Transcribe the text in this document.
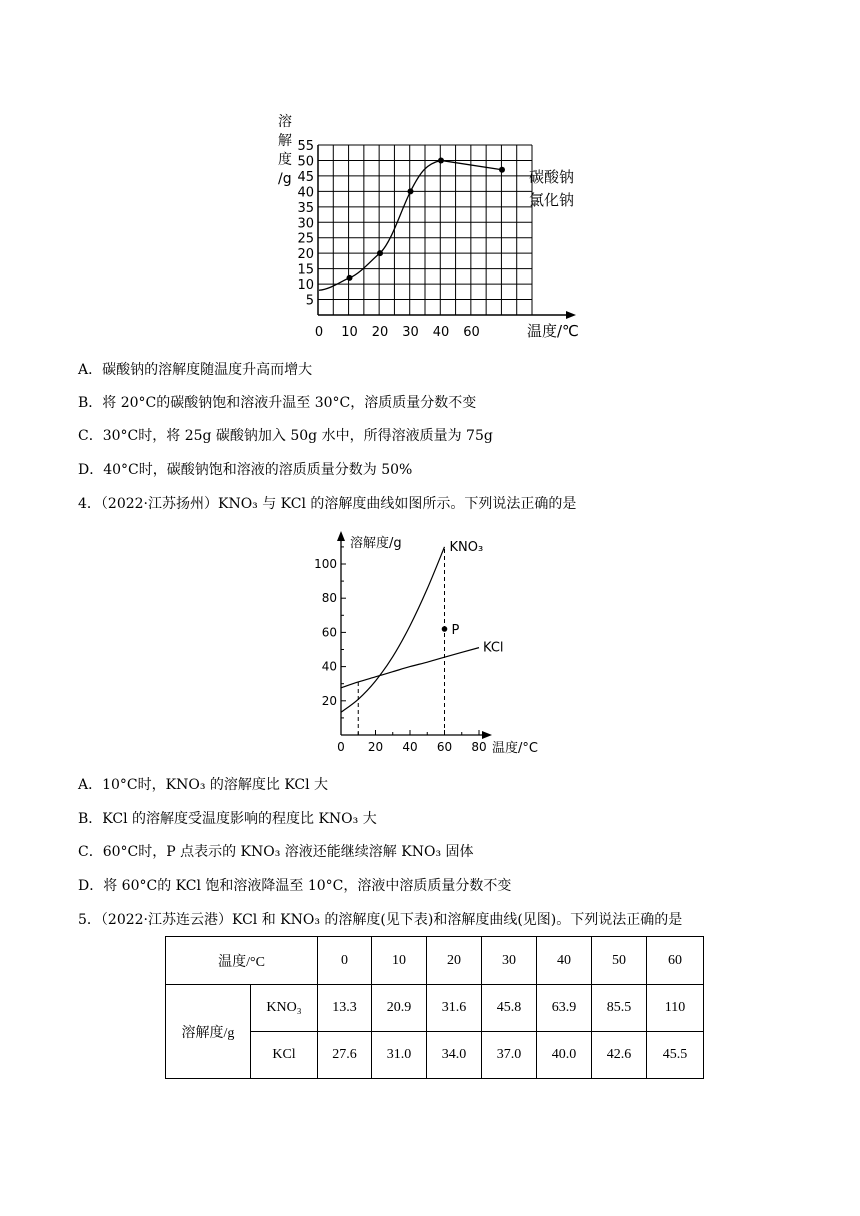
溶
解
度
/g
5
10
15
20
25
30
35
40
45
50
55
0 10 20 30 40 60	温度/℃
碳酸钠
氯化钠
A．碳酸钠的溶解度随温度升高而增大
B．将 20°C的碳酸钠饱和溶液升温至 30°C，溶质质量分数不变
C．30°C时，将 25g 碳酸钠加入 50g 水中，所得溶液质量为 75g
D．40°C时，碳酸钠饱和溶液的溶质质量分数为 50%
4．（2022·江苏扬州）KNO₃ 与 KCl 的溶解度曲线如图所示。下列说法正确的是
20
40
60
80
100
0 20 40 60 80
溶解度/g
温度/°C
KNO₃
KCl
P
A．10°C时，KNO₃ 的溶解度比 KCl 大
B．KCl 的溶解度受温度影响的程度比 KNO₃ 大
C．60°C时，P 点表示的 KNO₃ 溶液还能继续溶解 KNO₃ 固体
D．将 60°C的 KCl 饱和溶液降温至 10°C，溶液中溶质质量分数不变
5．（2022·江苏连云港）KCl 和 KNO₃ 的溶解度(见下表)和溶解度曲线(见图)。下列说法正确的是
温度/°C		0	10	20	30	40	50	60
溶解度/g	KNO₃	13.3	20.9	31.6	45.8	63.9	85.5	110
	KCl	27.6	31.0	34.0	37.0	40.0	42.6	45.5
